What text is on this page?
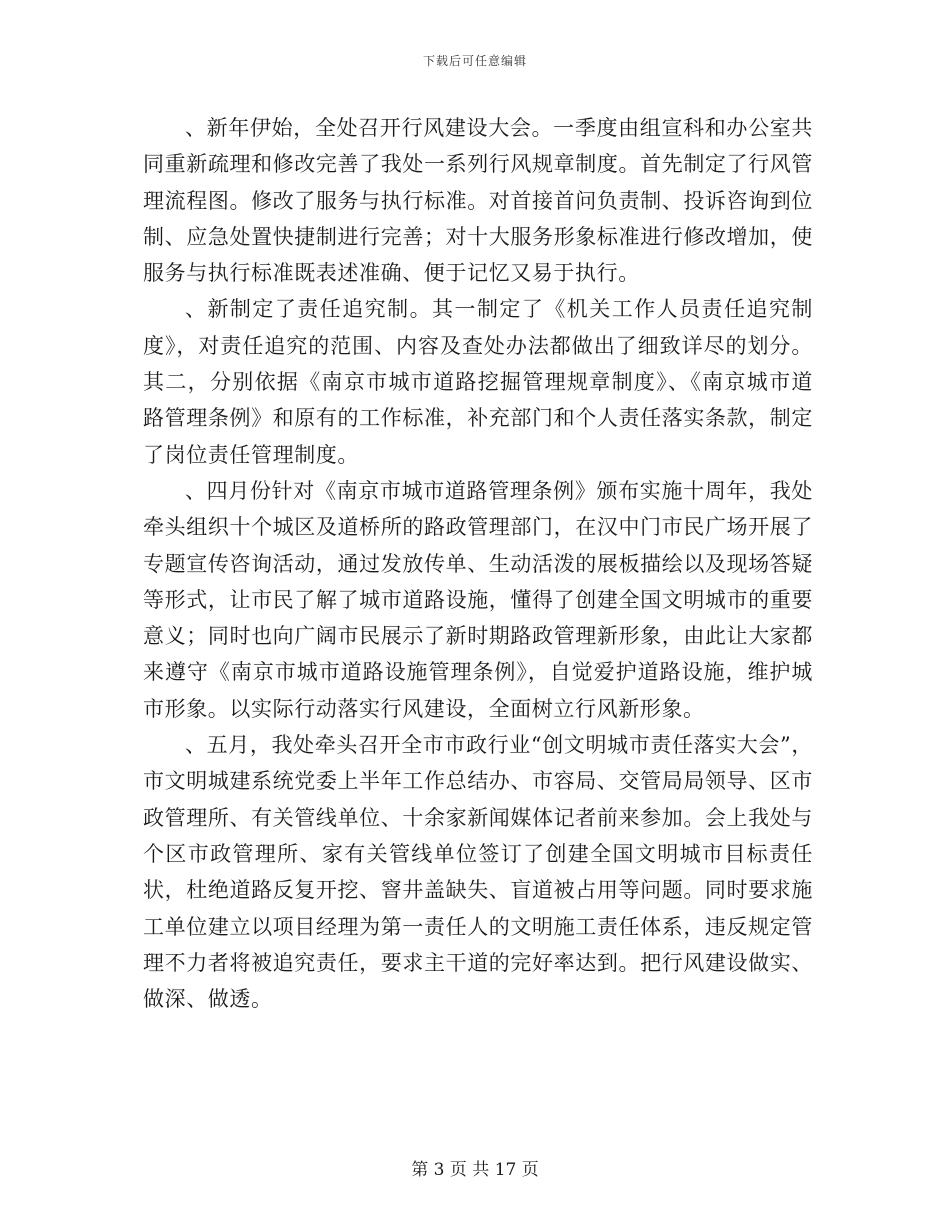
下载后可任意编辑

、新年伊始，全处召开行风建设大会。一季度由组宣科和办公室共同重新疏理和修改完善了我处一系列行风规章制度。首先制定了行风管理流程图。修改了服务与执行标准。对首接首问负责制、投诉咨询到位制、应急处置快捷制进行完善；对十大服务形象标准进行修改增加，使服务与执行标准既表述准确、便于记忆又易于执行。

、新制定了责任追究制。其一制定了《机关工作人员责任追究制度》，对责任追究的范围、内容及查处办法都做出了细致详尽的划分。其二，分别依据《南京市城市道路挖掘管理规章制度》、《南京城市道路管理条例》和原有的工作标准，补充部门和个人责任落实条款，制定了岗位责任管理制度。

、四月份针对《南京市城市道路管理条例》颁布实施十周年，我处牵头组织十个城区及道桥所的路政管理部门，在汉中门市民广场开展了专题宣传咨询活动，通过发放传单、生动活泼的展板描绘以及现场答疑等形式，让市民了解了城市道路设施，懂得了创建全国文明城市的重要意义；同时也向广阔市民展示了新时期路政管理新形象，由此让大家都来遵守《南京市城市道路设施管理条例》，自觉爱护道路设施，维护城市形象。以实际行动落实行风建设，全面树立行风新形象。

、五月，我处牵头召开全市市政行业“创文明城市责任落实大会”，市文明城建系统党委上半年工作总结办、市容局、交管局局领导、区市政管理所、有关管线单位、十余家新闻媒体记者前来参加。会上我处与个区市政管理所、家有关管线单位签订了创建全国文明城市目标责任状，杜绝道路反复开挖、窨井盖缺失、盲道被占用等问题。同时要求施工单位建立以项目经理为第一责任人的文明施工责任体系，违反规定管理不力者将被追究责任，要求主干道的完好率达到。把行风建设做实、做深、做透。

第 3 页 共 17 页
